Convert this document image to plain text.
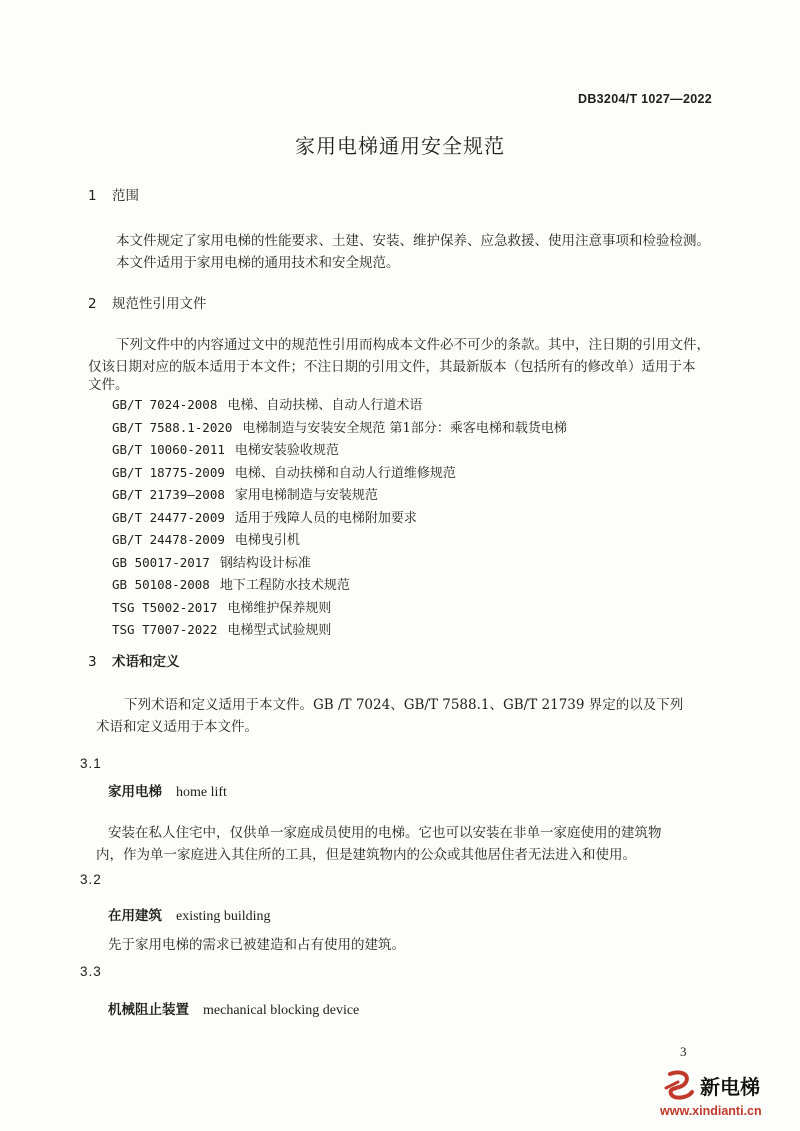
DB3204/T 1027—2022
家用电梯通用安全规范
1 范围
本文件规定了家用电梯的性能要求、土建、安装、维护保养、应急救援、使用注意事项和检验检测。
本文件适用于家用电梯的通用技术和安全规范。
2 规范性引用文件
下列文件中的内容通过文中的规范性引用而构成本文件必不可少的条款。其中，注日期的引用文件，
仅该日期对应的版本适用于本文件；不注日期的引用文件，其最新版本（包括所有的修改单）适用于本
文件。
GB/T 7024-2008 电梯、自动扶梯、自动人行道术语
GB/T 7588.1-2020 电梯制造与安装安全规范 第1部分：乘客电梯和载货电梯
GB/T 10060-2011 电梯安装验收规范
GB/T 18775-2009 电梯、自动扶梯和自动人行道维修规范
GB/T 21739—2008 家用电梯制造与安装规范
GB/T 24477-2009 适用于残障人员的电梯附加要求
GB/T 24478-2009 电梯曳引机
GB 50017-2017 钢结构设计标准
GB 50108-2008 地下工程防水技术规范
TSG T5002-2017 电梯维护保养规则
TSG T7007-2022 电梯型式试验规则
3 术语和定义
下列术语和定义适用于本文件。GB /T 7024、GB/T 7588.1、GB/T 21739 界定的以及下列
术语和定义适用于本文件。
3.1
家用电梯 home lift
安装在私人住宅中，仅供单一家庭成员使用的电梯。它也可以安装在非单一家庭使用的建筑物
内，作为单一家庭进入其住所的工具，但是建筑物内的公众或其他居住者无法进入和使用。
3.2
在用建筑 existing building
先于家用电梯的需求已被建造和占有使用的建筑。
3.3
机械阻止装置 mechanical blocking device
3
新电梯
www.xindianti.cn
